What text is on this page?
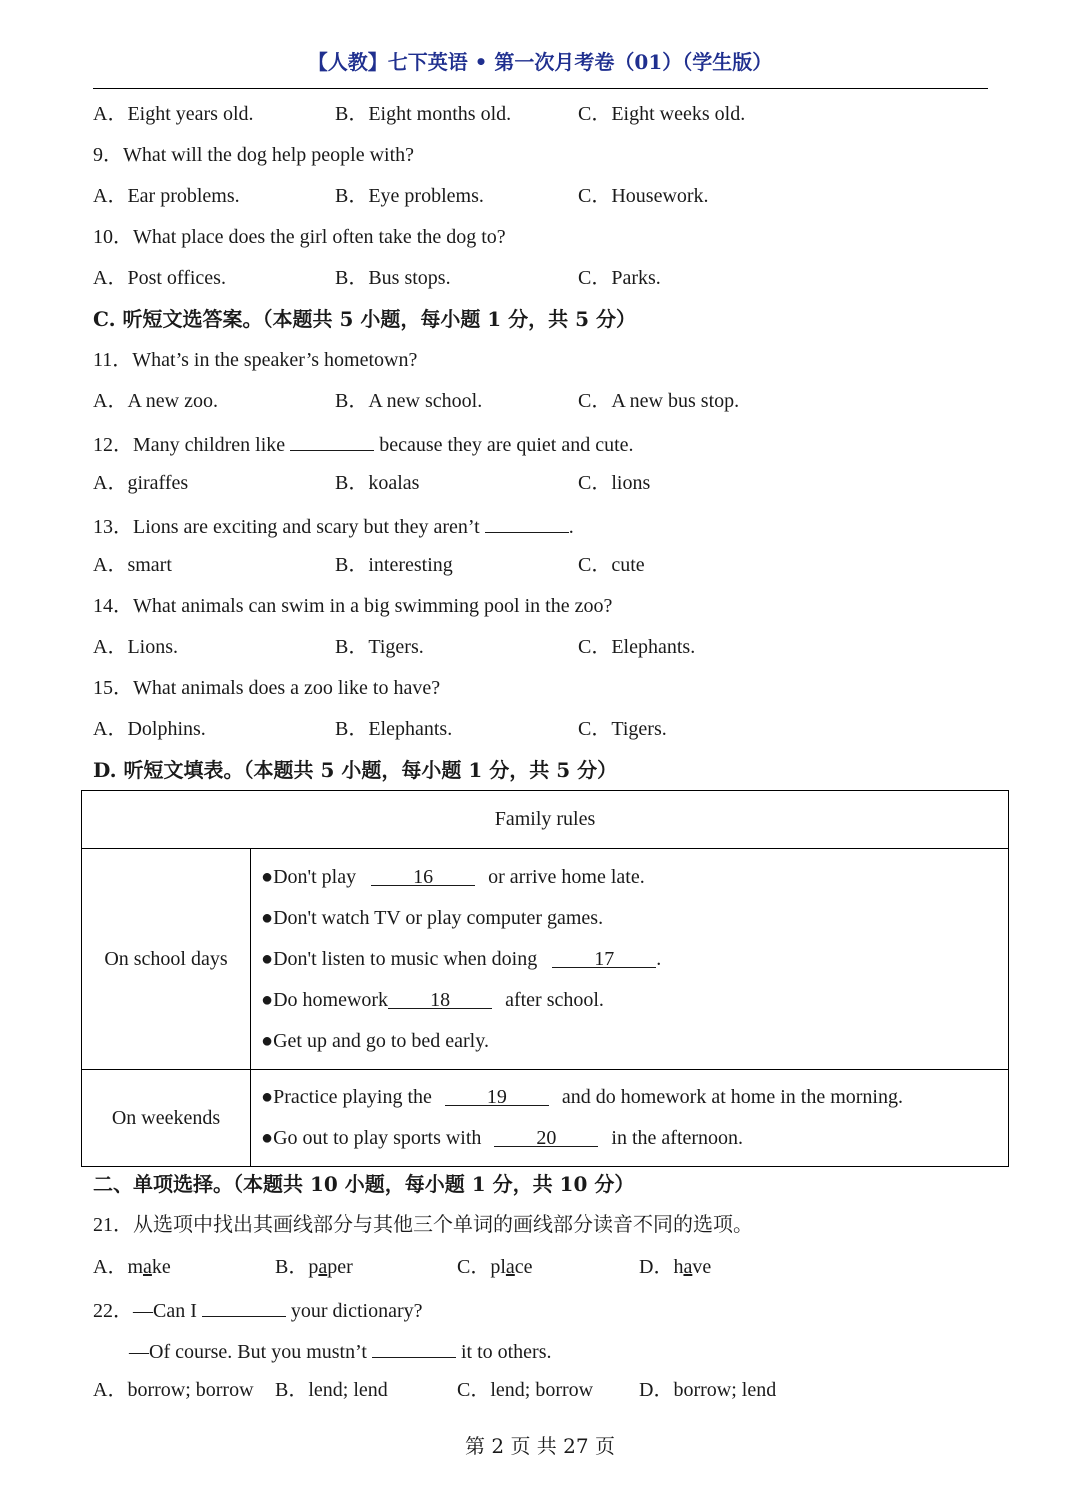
【人教】七下英语 • 第一次月考卷（01）（学生版）
A．Eight years old.	B．Eight months old.	C．Eight weeks old.
9．What will the dog help people with?
A．Ear problems.	B．Eye problems.	C．Housework.
10．What place does the girl often take the dog to?
A．Post offices.	B．Bus stops.	C．Parks.
C. 听短文选答案。（本题共 5 小题，每小题 1 分，共 5 分）
11．What’s in the speaker’s hometown?
A．A new zoo.	B．A new school.	C．A new bus stop.
12．Many children like	because they are quiet and cute.
A．giraffes	B．koalas	C．lions
13．Lions are exciting and scary but they aren’t	.
A．smart	B．interesting	C．cute
14．What animals can swim in a big swimming pool in the zoo?
A．Lions.	B．Tigers.	C．Elephants.
15．What animals does a zoo like to have?
A．Dolphins.	B．Elephants.	C．Tigers.
D. 听短文填表。（本题共 5 小题，每小题 1 分，共 5 分）
Family rules	
On school days	●Don't play 16 or arrive home late.
●Don't watch TV or play computer games.
●Don't listen to music when doing 17 .
●Do homework 18 after school.
●Get up and go to bed early.

On weekends	●Practice playing the 19 and do homework at home in the morning.
●Go out to play sports with 20 in the afternoon.
二、单项选择。（本题共 10 小题，每小题 1 分，共 10 分）
21．从选项中找出其画线部分与其他三个单词的画线部分读音不同的选项。
A．make	B．paper	C．place	D．have
22．—Can I	your dictionary?
—Of course. But you mustn’t	it to others.
A．borrow; borrow B．lend; lend	C．lend; borrow D．borrow; lend
第 2 页 共 27 页
